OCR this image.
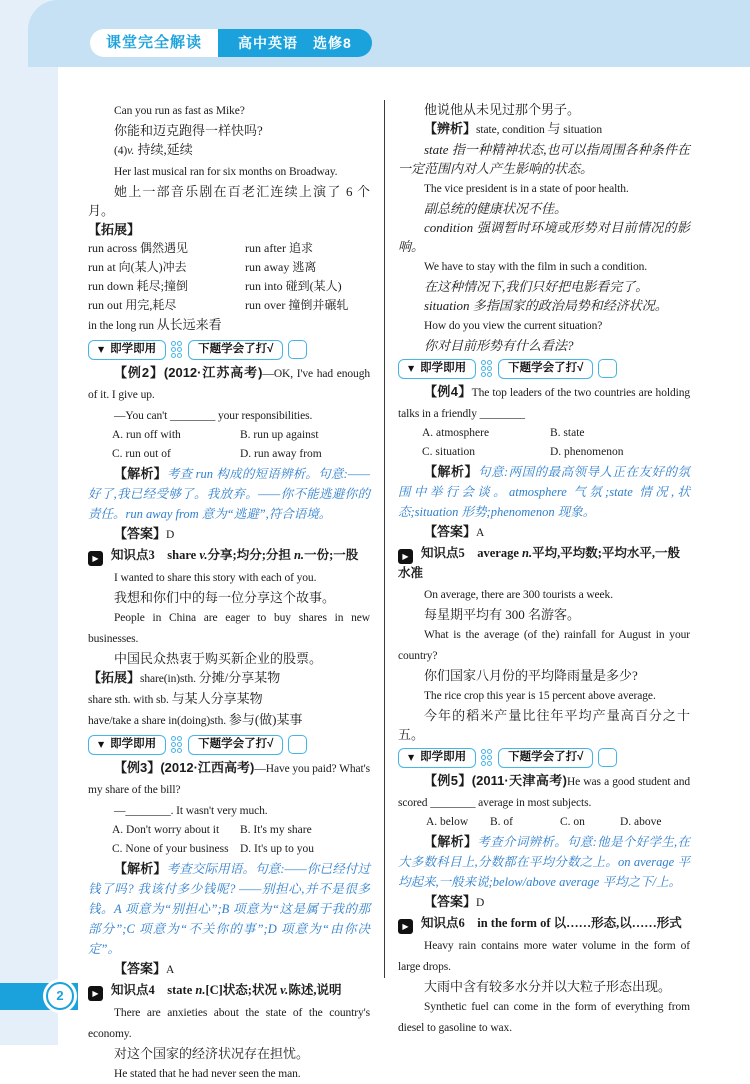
课堂完全解读	高中英语　选修8

Can you run as fast as Mike?

你能和迈克跑得一样快吗?

(4)v. 持续,延续

Her last musical ran for six months on Broadway.

她上一部音乐剧在百老汇连续上演了 6 个月。

【拓展】

run across 偶然遇见	run after 追求
run at 向(某人)冲去	run away 逃离
run down 耗尽;撞倒	run into 碰到(某人)
run out 用完,耗尽	run over 撞倒并碾轧

in the long run 从长远来看

▼ 即学即用	下题学会了打√

【例2】(2012·江苏高考)—OK, I've had enough of it. I give up.

—You can't ________ your responsibilities.

A. run off with	B. run up against
C. run out of	D. run away from

【解析】考查 run 构成的短语辨析。句意:——好了,我已经受够了。我放弃。——你不能逃避你的责任。run away from 意为“逃避”,符合语境。

【答案】D

▶ 知识点3　share v.分享;均分;分担 n.一份;一股

I wanted to share this story with each of you.

我想和你们中的每一位分享这个故事。

People in China are eager to buy shares in new businesses.

中国民众热衷于购买新企业的股票。

【拓展】share(in)sth. 分摊/分享某物

share sth. with sb. 与某人分享某物

have/take a share in(doing)sth. 参与(做)某事

▼ 即学即用	下题学会了打√

【例3】(2012·江西高考)—Have you paid? What's my share of the bill?

—________. It wasn't very much.

A. Don't worry about it	B. It's my share
C. None of your business D. It's up to you

【解析】考查交际用语。句意:——你已经付过钱了吗? 我该付多少钱呢? ——别担心,并不是很多钱。A 项意为“别担心”;B 项意为“这是属于我的那部分”;C 项意为“不关你的事”;D 项意为“由你决定”。

【答案】A

▶ 知识点4　state n.[C]状态;状况 v.陈述,说明

There are anxieties about the state of the country's economy.

对这个国家的经济状况存在担忧。

He stated that he had never seen the man.

他说他从未见过那个男子。

【辨析】state, condition 与 situation

state 指一种精神状态,也可以指周围各种条件在一定范围内对人产生影响的状态。

The vice president is in a state of poor health.

副总统的健康状况不佳。

condition 强调暂时环境或形势对目前情况的影响。

We have to stay with the film in such a condition.

在这种情况下,我们只好把电影看完了。

situation 多指国家的政治局势和经济状况。

How do you view the current situation?

你对目前形势有什么看法?

▼ 即学即用	下题学会了打√

【例4】The top leaders of the two countries are holding talks in a friendly ________

A. atmosphere	B. state
C. situation	D. phenomenon

【解析】句意:两国的最高领导人正在友好的氛围中举行会谈。atmosphere 气氛;state 情况,状态;situation 形势;phenomenon 现象。

【答案】A

▶ 知识点5　average n.平均,平均数;平均水平,一般水准

On average, there are 300 tourists a week.

每星期平均有 300 名游客。

What is the average (of the) rainfall for August in your country?

你们国家八月份的平均降雨量是多少?

The rice crop this year is 15 percent above average.

今年的稻米产量比往年平均产量高百分之十五。

▼ 即学即用	下题学会了打√

【例5】(2011·天津高考)He was a good student and scored ________ average in most subjects.

A. below	B. of	C. on	D. above

【解析】考查介词辨析。句意:他是个好学生,在大多数科目上,分数都在平均分数之上。on average 平均起来,一般来说;below/above average 平均之下/上。

【答案】D

▶ 知识点6　in the form of 以……形态,以……形式

Heavy rain contains more water volume in the form of large drops.

大雨中含有较多水分并以大粒子形态出现。

Synthetic fuel can come in the form of everything from diesel to gasoline to wax.

2
